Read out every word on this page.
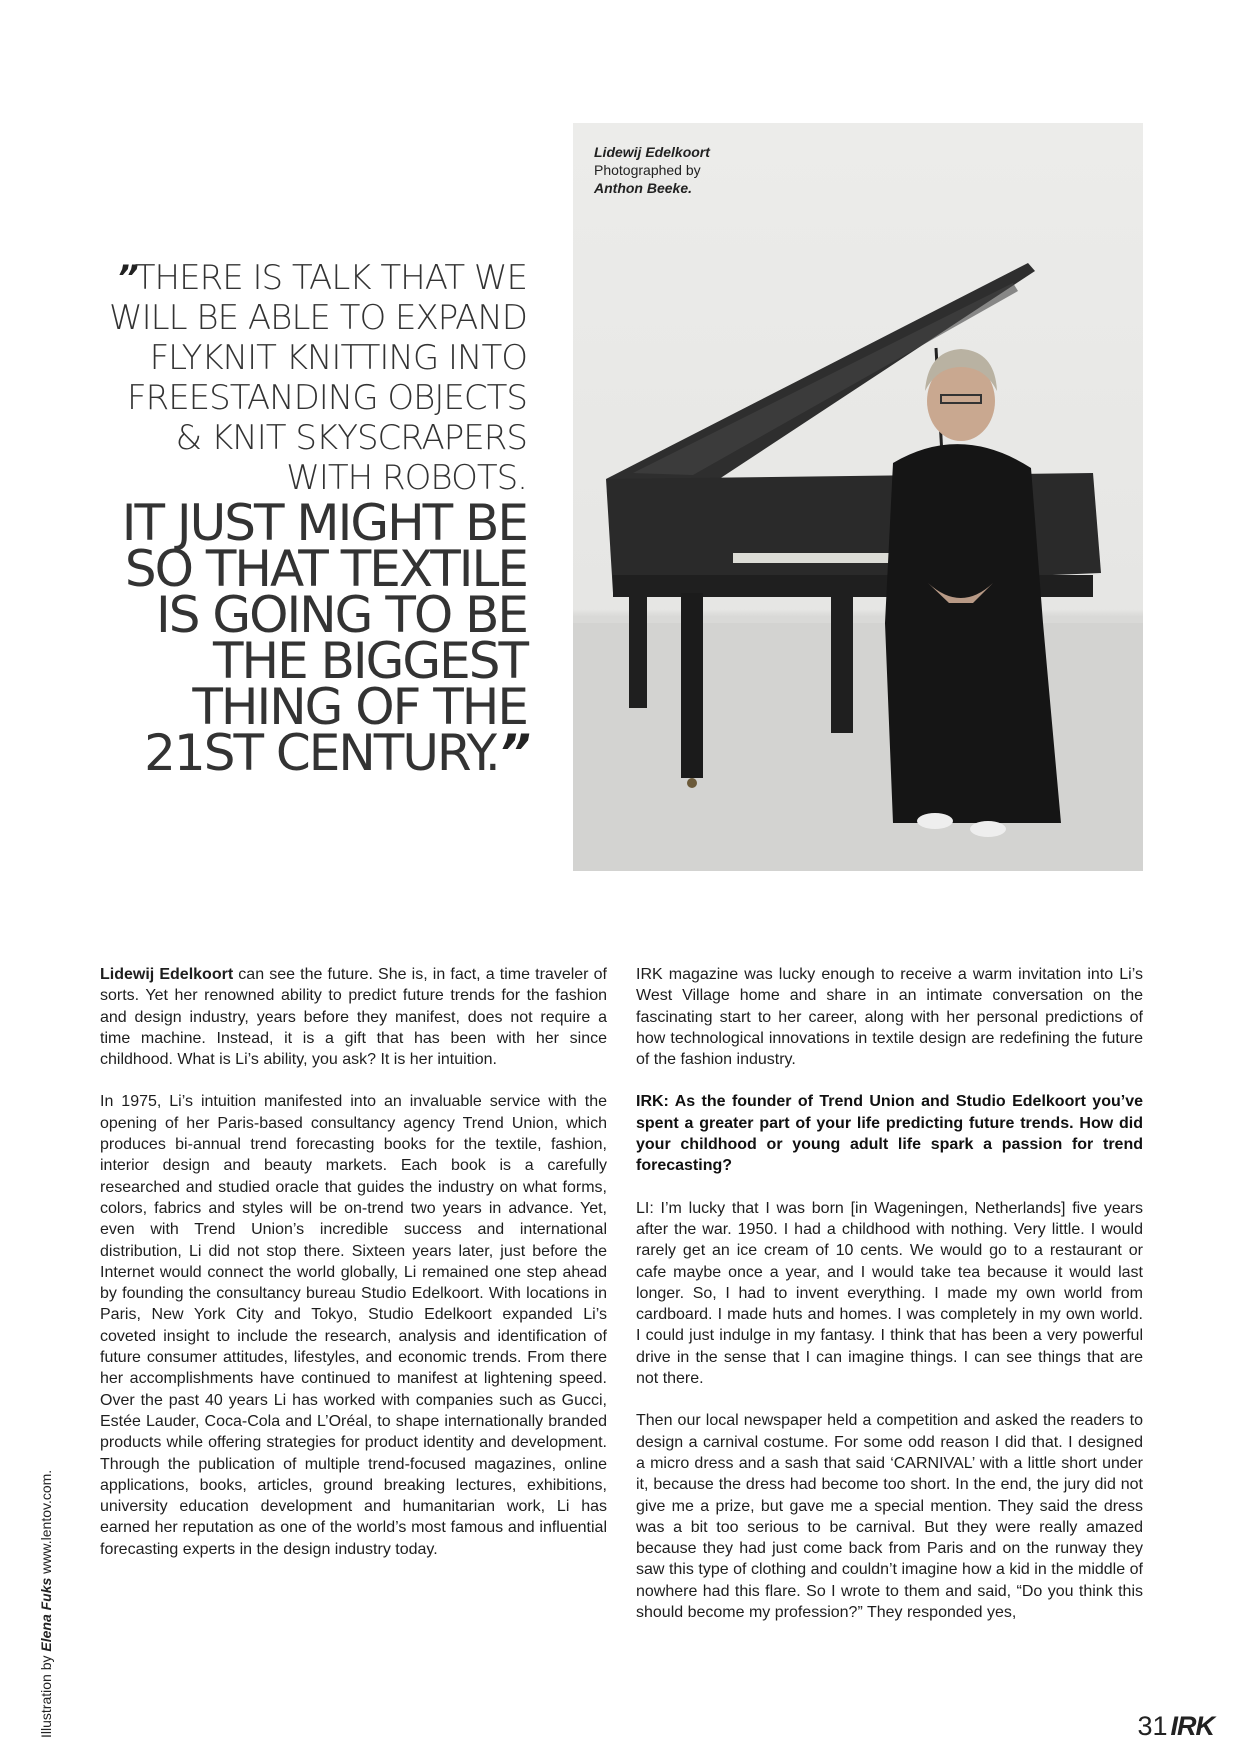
”THERE IS TALK THAT WE
WILL BE ABLE TO EXPAND
FLYKNIT KNITTING INTO
FREESTANDING OBJECTS
& KNIT SKYSCRAPERS
WITH ROBOTS.
IT JUST MIGHT BE
SO THAT TEXTILE
IS GOING TO BE
THE BIGGEST
THING OF THE
21ST CENTURY.”
Lidewij Edelkoort
Photographed by
Anthon Beeke.

Lidewij Edelkoort can see the future. She is, in fact, a time traveler of sorts. Yet her renowned ability to predict future trends for the fashion and design industry, years before they manifest, does not require a time machine. Instead, it is a gift that has been with her since childhood. What is Li’s ability, you ask? It is her intuition.

In 1975, Li’s intuition manifested into an invaluable service with the opening of her Paris-based consultancy agency Trend Union, which produces bi-annual trend forecasting books for the textile, fashion, interior design and beauty markets. Each book is a carefully researched and studied oracle that guides the industry on what forms, colors, fabrics and styles will be on-trend two years in advance. Yet, even with Trend Union’s incredible success and international distribution, Li did not stop there. Sixteen years later, just before the Internet would connect the world globally, Li remained one step ahead by founding the consultancy bureau Studio Edelkoort. With locations in Paris, New York City and Tokyo, Studio Edelkoort expanded Li’s coveted insight to include the research, analysis and identification of future consumer attitudes, lifestyles, and economic trends. From there her accomplishments have continued to manifest at lightening speed. Over the past 40 years Li has worked with companies such as Gucci, Estée Lauder, Coca-Cola and L’Oréal, to shape internationally branded products while offering strategies for product identity and development. Through the publication of multiple trend-focused magazines, online applications, books, articles, ground breaking lectures, exhibitions, university education development and humanitarian work, Li has earned her reputation as one of the world’s most famous and influential forecasting experts in the design industry today.

IRK magazine was lucky enough to receive a warm invitation into Li’s West Village home and share in an intimate conversation on the fascinating start to her career, along with her personal predictions of how technological innovations in textile design are redefining the future of the fashion industry.

IRK: As the founder of Trend Union and Studio Edelkoort you’ve spent a greater part of your life predicting future trends. How did your childhood or young adult life spark a passion for trend forecasting?

LI: I’m lucky that I was born [in Wageningen, Netherlands] five years after the war. 1950. I had a childhood with nothing. Very little. I would rarely get an ice cream of 10 cents. We would go to a restaurant or cafe maybe once a year, and I would take tea because it would last longer. So, I had to invent everything. I made my own world from cardboard. I made huts and homes. I was completely in my own world. I could just indulge in my fantasy. I think that has been a very powerful drive in the sense that I can imagine things. I can see things that are not there.

Then our local newspaper held a competition and asked the readers to design a carnival costume. For some odd reason I did that. I designed a micro dress and a sash that said ‘CARNIVAL’ with a little short under it, because the dress had become too short. In the end, the jury did not give me a prize, but gave me a special mention. They said the dress was a bit too serious to be carnival. But they were really amazed because they had just come back from Paris and on the runway they saw this type of clothing and couldn’t imagine how a kid in the middle of nowhere had this flare. So I wrote to them and said, “Do you think this should become my profession?” They responded yes,

Illustration by Elena Fuks www.lentov.com.
31 IRK
